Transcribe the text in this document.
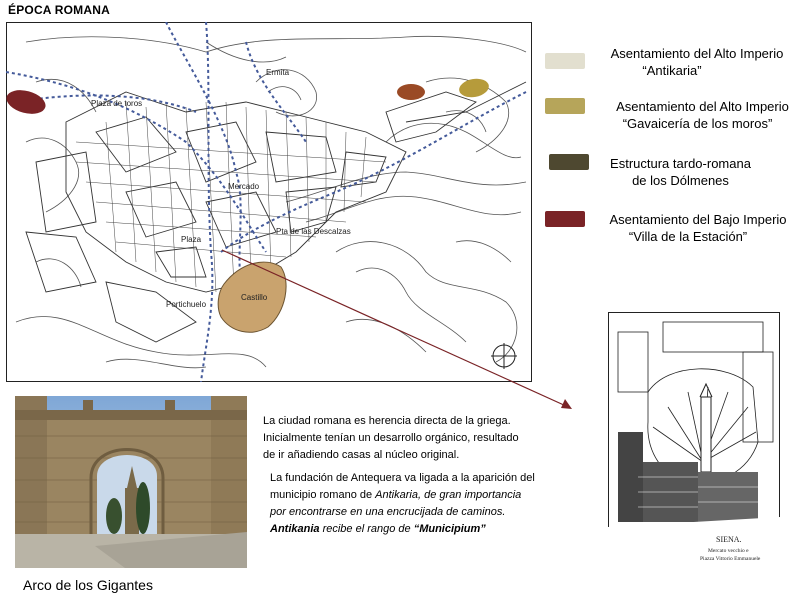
ÉPOCA ROMANA
Plaza de toros
Ermita
Mercado
Pta de las Descalzas
Castillo
Portichuelo
Plaza
Asentamiento del Alto Imperio
“Antikaria”
Asentamiento del Alto Imperio
“Gavaicería de los moros”
Estructura tardo-romana
de los Dólmenes
Asentamiento del Bajo Imperio
“Villa de la Estación”
Arco de los Gigantes
La ciudad romana es herencia directa de la griega.
Inicialmente tenían un desarrollo orgánico, resultado
de ir añadiendo casas al núcleo original.
La fundación de Antequera va ligada a la aparición del
municipio romano de Antikaria, de gran importancia
por encontrarse en una encrucijada de caminos.
Antikania recibe el rango de “Municipium”
SIENA.
Mercato vecchio e
Piazza Vittorio Emmanuele
